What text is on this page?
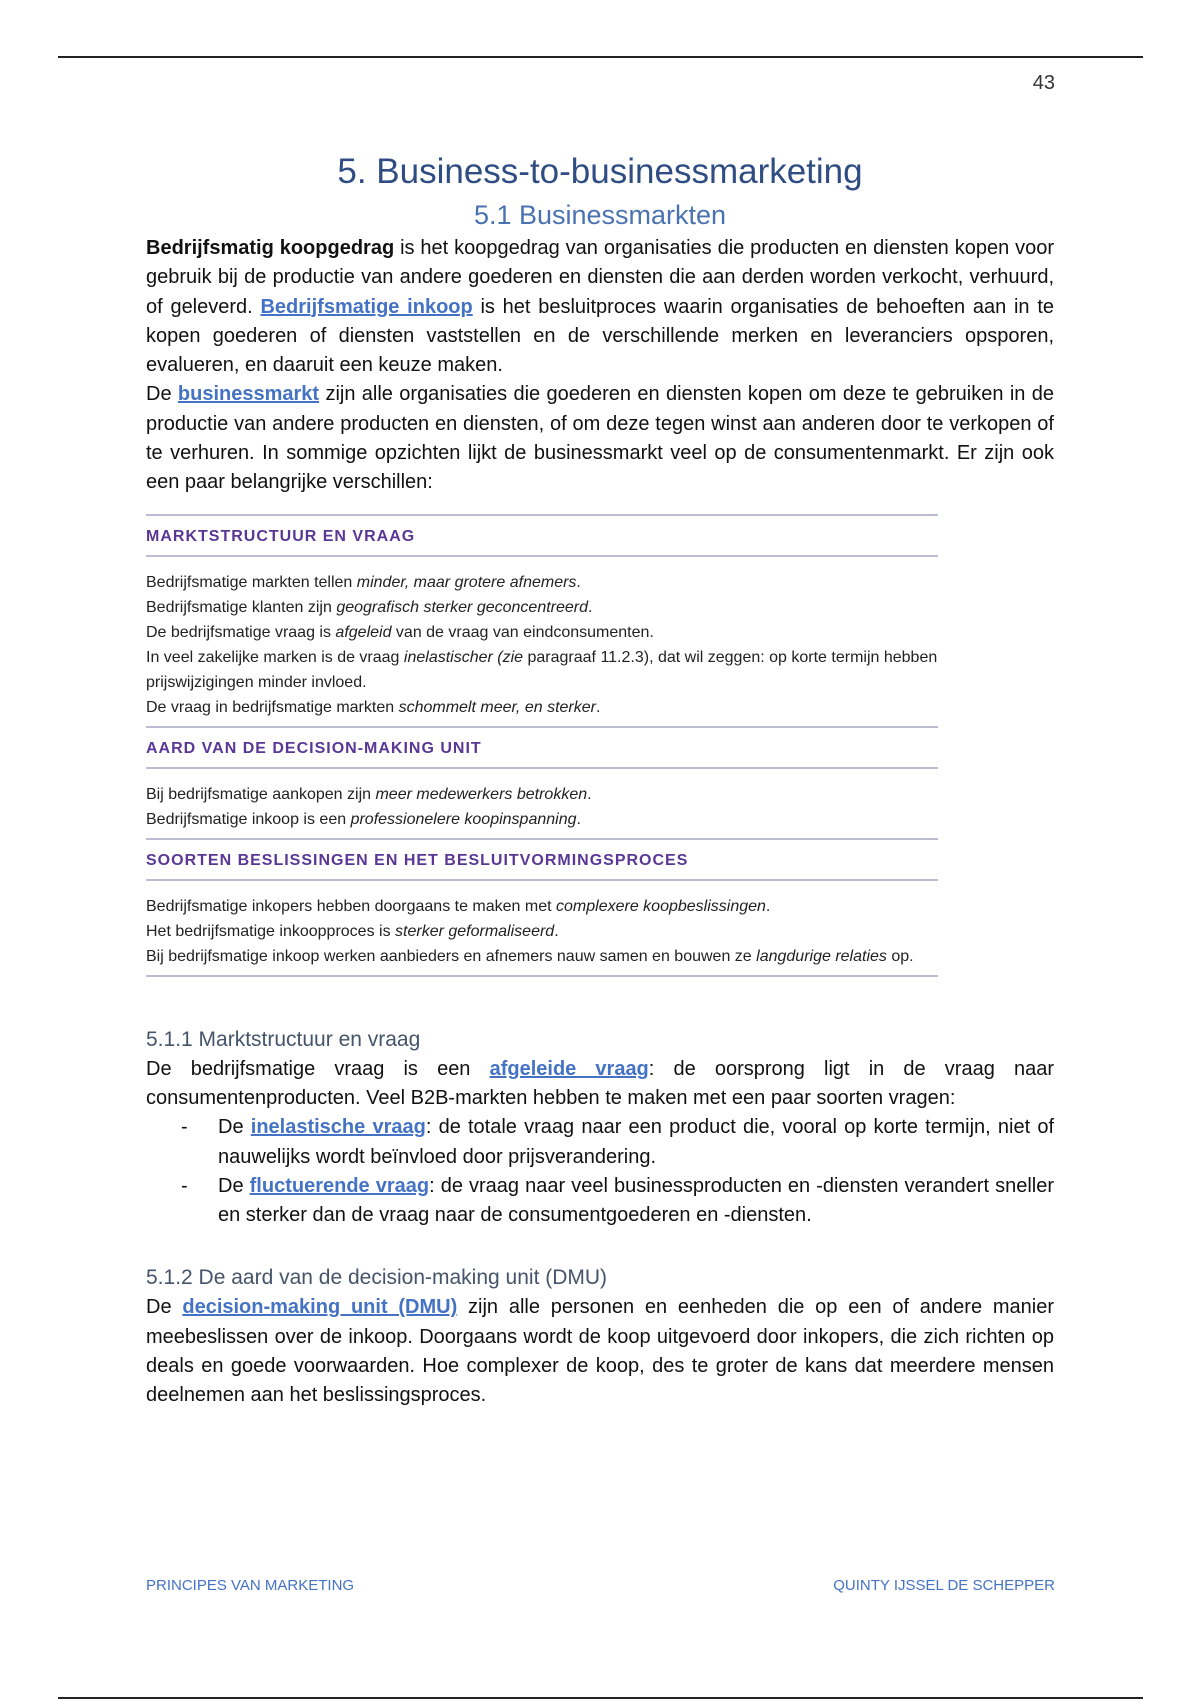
43
5. Business-to-businessmarketing
5.1 Businessmarkten

Bedrijfsmatig koopgedrag is het koopgedrag van organisaties die producten en diensten kopen voor gebruik bij de productie van andere goederen en diensten die aan derden worden verkocht, verhuurd, of geleverd. Bedrijfsmatige inkoop is het besluitproces waarin organisaties de behoeften aan in te kopen goederen of diensten vaststellen en de verschillende merken en leveranciers opsporen, evalueren, en daaruit een keuze maken.

De businessmarkt zijn alle organisaties die goederen en diensten kopen om deze te gebruiken in de productie van andere producten en diensten, of om deze tegen winst aan anderen door te verkopen of te verhuren. In sommige opzichten lijkt de businessmarkt veel op de consumentenmarkt. Er zijn ook een paar belangrijke verschillen:

MARKTSTRUCTUUR EN VRAAG
Bedrijfsmatige markten tellen minder, maar grotere afnemers.
Bedrijfsmatige klanten zijn geografisch sterker geconcentreerd.
De bedrijfsmatige vraag is afgeleid van de vraag van eindconsumenten.
In veel zakelijke marken is de vraag inelastischer (zie paragraaf 11.2.3), dat wil zeggen: op korte termijn hebben prijswijzigingen minder invloed.
De vraag in bedrijfsmatige markten schommelt meer, en sterker.
AARD VAN DE DECISION-MAKING UNIT
Bij bedrijfsmatige aankopen zijn meer medewerkers betrokken.
Bedrijfsmatige inkoop is een professionelere koopinspanning.
SOORTEN BESLISSINGEN EN HET BESLUITVORMINGSPROCES
Bedrijfsmatige inkopers hebben doorgaans te maken met complexere koopbeslissingen.
Het bedrijfsmatige inkoopproces is sterker geformaliseerd.
Bij bedrijfsmatige inkoop werken aanbieders en afnemers nauw samen en bouwen ze langdurige relaties op.
5.1.1 Marktstructuur en vraag

De bedrijfsmatige vraag is een afgeleide vraag: de oorsprong ligt in de vraag naar consumentenproducten. Veel B2B-markten hebben te maken met een paar soorten vragen:

- De inelastische vraag: de totale vraag naar een product die, vooral op korte termijn, niet of nauwelijks wordt beïnvloed door prijsverandering.
- De fluctuerende vraag: de vraag naar veel businessproducten en -diensten verandert sneller en sterker dan de vraag naar de consumentgoederen en -diensten.
5.1.2 De aard van de decision-making unit (DMU)

De decision-making unit (DMU) zijn alle personen en eenheden die op een of andere manier meebeslissen over de inkoop. Doorgaans wordt de koop uitgevoerd door inkopers, die zich richten op deals en goede voorwaarden. Hoe complexer de koop, des te groter de kans dat meerdere mensen deelnemen aan het beslissingsproces.

PRINCIPES VAN MARKETING	QUINTY IJSSEL DE SCHEPPER
